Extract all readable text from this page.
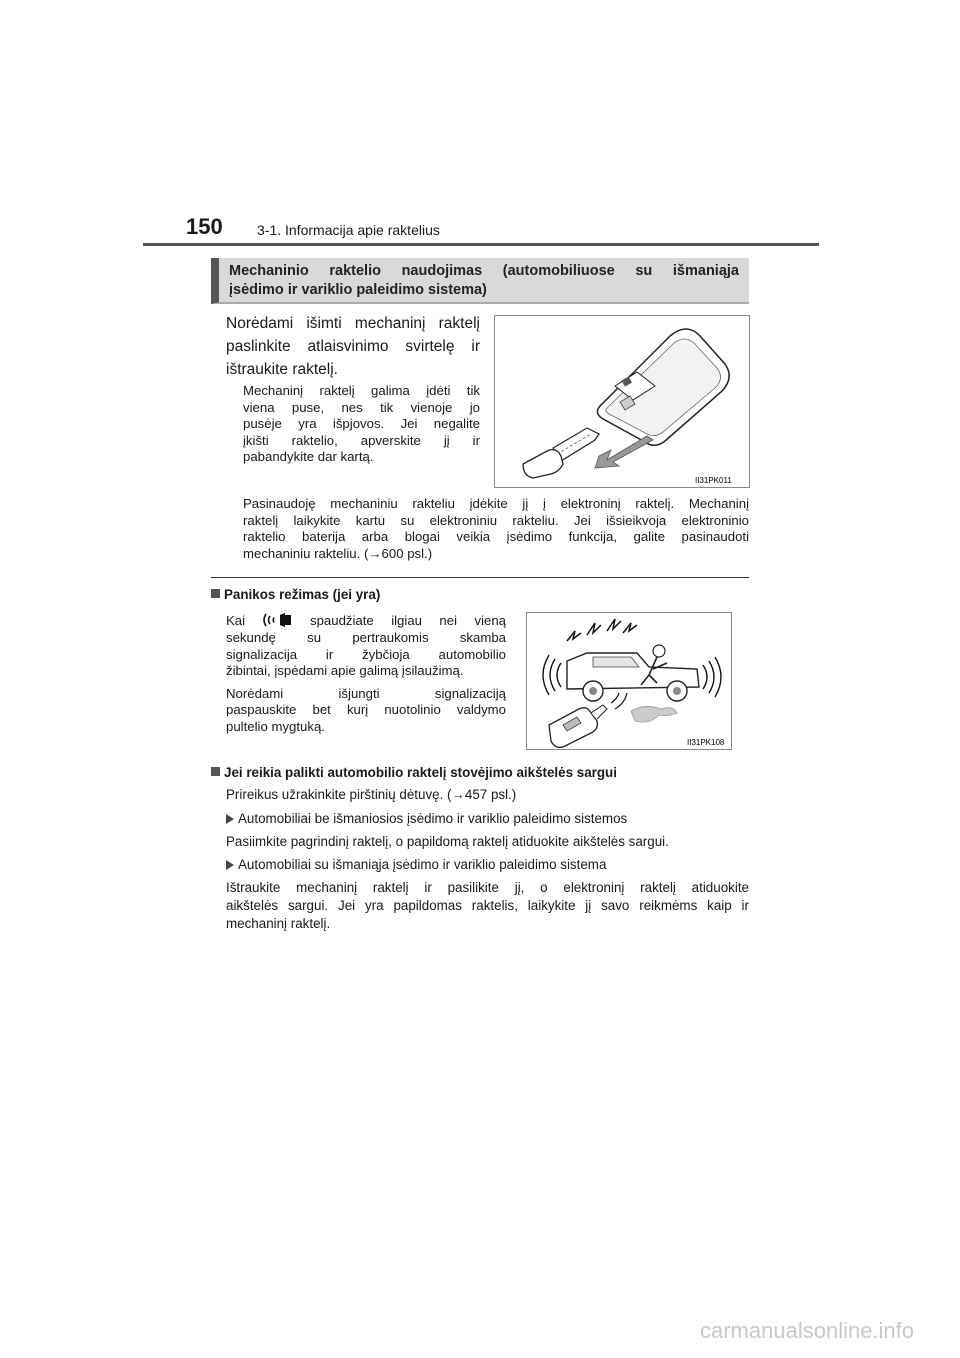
150 3-1. Informacija apie raktelius
Mechaninio raktelio naudojimas (automobiliuose su išmaniąja
įsėdimo ir variklio paleidimo sistema)
Norėdami išimti mechaninį raktelį
paslinkite atlaisvinimo svirtelę ir
ištraukite raktelį.
Mechaninį raktelį galima įdėti tik
viena puse, nes tik vienoje jo
pusėje yra išpjovos. Jei negalite
įkišti raktelio, apverskite jį ir
pabandykite dar kartą.
II31PK011
Pasinaudoję mechaniniu rakteliu įdėkite jį į elektroninį raktelį. Mechaninį
raktelį laikykite kartu su elektroniniu rakteliu. Jei išsieikvoja elektroninio
raktelio baterija arba blogai veikia įsėdimo funkcija, galite pasinaudoti
mechaniniu rakteliu. (→600 psl.)
Panikos režimas (jei yra)
Kai	spaudžiate ilgiau nei vieną
sekundę su pertraukomis skamba
signalizacija ir žybčioja automobilio
žibintai, įspėdami apie galimą įsilaužimą.
Norėdami išjungti signalizaciją
paspauskite bet kurį nuotolinio valdymo
pultelio mygtuką.
II31PK108
Jei reikia palikti automobilio raktelį stovėjimo aikštelės sargui
Prireikus užrakinkite pirštinių dėtuvę. (→457 psl.)
Automobiliai be išmaniosios įsėdimo ir variklio paleidimo sistemos
Pasiimkite pagrindinį raktelį, o papildomą raktelį atiduokite aikštelės sargui.
Automobiliai su išmaniąja įsėdimo ir variklio paleidimo sistema
Ištraukite mechaninį raktelį ir pasilikite jį, o elektroninį raktelį atiduokite
aikštelės sargui. Jei yra papildomas raktelis, laikykite jį savo reikmėms kaip ir
mechaninį raktelį.
carmanualsonline.info
